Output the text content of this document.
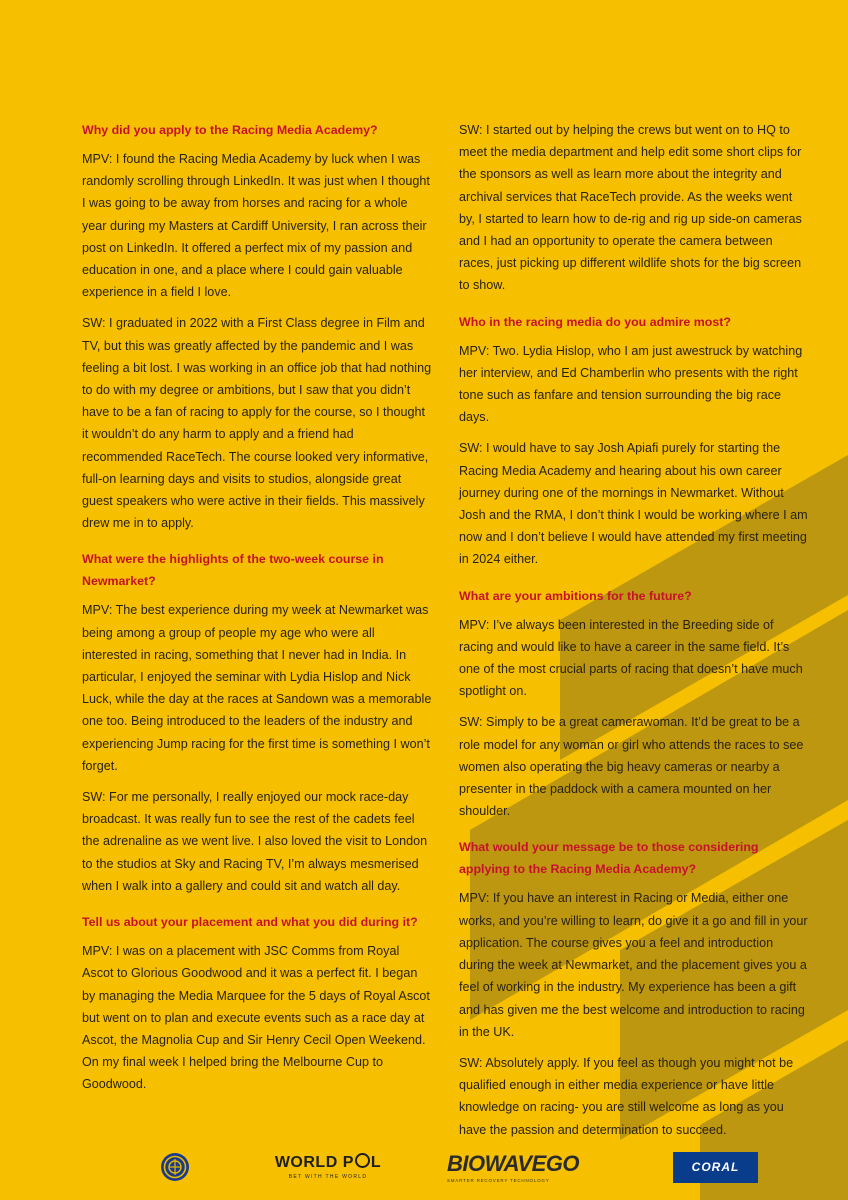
Why did you apply to the Racing Media Academy?

MPV: I found the Racing Media Academy by luck when I was randomly scrolling through LinkedIn. It was just when I thought I was going to be away from horses and racing for a whole year during my Masters at Cardiff University, I ran across their post on LinkedIn. It offered a perfect mix of my passion and education in one, and a place where I could gain valuable experience in a field I love.

SW: I graduated in 2022 with a First Class degree in Film and TV, but this was greatly affected by the pandemic and I was feeling a bit lost. I was working in an office job that had nothing to do with my degree or ambitions, but I saw that you didn’t have to be a fan of racing to apply for the course, so I thought it wouldn’t do any harm to apply and a friend had recommended RaceTech. The course looked very informative, full-on learning days and visits to studios, alongside great guest speakers who were active in their fields. This massively drew me in to apply.

What were the highlights of the two-week course in Newmarket?

MPV: The best experience during my week at Newmarket was being among a group of people my age who were all interested in racing, something that I never had in India. In particular, I enjoyed the seminar with Lydia Hislop and Nick Luck, while the day at the races at Sandown was a memorable one too. Being introduced to the leaders of the industry and experiencing Jump racing for the first time is something I won’t forget.

SW: For me personally, I really enjoyed our mock race-day broadcast. It was really fun to see the rest of the cadets feel the adrenaline as we went live. I also loved the visit to London to the studios at Sky and Racing TV, I’m always mesmerised when I walk into a gallery and could sit and watch all day.

Tell us about your placement and what you did during it?

MPV: I was on a placement with JSC Comms from Royal Ascot to Glorious Goodwood and it was a perfect fit. I began by managing the Media Marquee for the 5 days of Royal Ascot but went on to plan and execute events such as a race day at Ascot, the Magnolia Cup and Sir Henry Cecil Open Weekend. On my final week I helped bring the Melbourne Cup to Goodwood.

SW: I started out by helping the crews but went on to HQ to meet the media department and help edit some short clips for the sponsors as well as learn more about the integrity and archival services that RaceTech provide. As the weeks went by, I started to learn how to de-rig and rig up side-on cameras and I had an opportunity to operate the camera between races, just picking up different wildlife shots for the big screen to show.

Who in the racing media do you admire most?

MPV: Two. Lydia Hislop, who I am just awestruck by watching her interview, and Ed Chamberlin who presents with the right tone such as fanfare and tension surrounding the big race days.

SW: I would have to say Josh Apiafi purely for starting the Racing Media Academy and hearing about his own career journey during one of the mornings in Newmarket. Without Josh and the RMA, I don’t think I would be working where I am now and I don’t believe I would have attended my first meeting in 2024 either.

What are your ambitions for the future?

MPV: I’ve always been interested in the Breeding side of racing and would like to have a career in the same field. It’s one of the most crucial parts of racing that doesn’t have much spotlight on.

SW: Simply to be a great camerawoman. It’d be great to be a role model for any woman or girl who attends the races to see women also operating the big heavy cameras or nearby a presenter in the paddock with a camera mounted on her shoulder.

What would your message be to those considering applying to the Racing Media Academy?

MPV: If you have an interest in Racing or Media, either one works, and you’re willing to learn, do give it a go and fill in your application. The course gives you a feel and introduction during the week at Newmarket, and the placement gives you a feel of working in the industry. My experience has been a gift and has given me the best welcome and introduction to racing in the UK.

SW: Absolutely apply. If you feel as though you might not be qualified enough in either media experience or have little knowledge on racing- you are still welcome as long as you have the passion and determination to succeed.

WORLD P L
BET WITH THE WORLD
BIOWAVEGO
SMARTER RECOVERY TECHNOLOGY
CORAL
